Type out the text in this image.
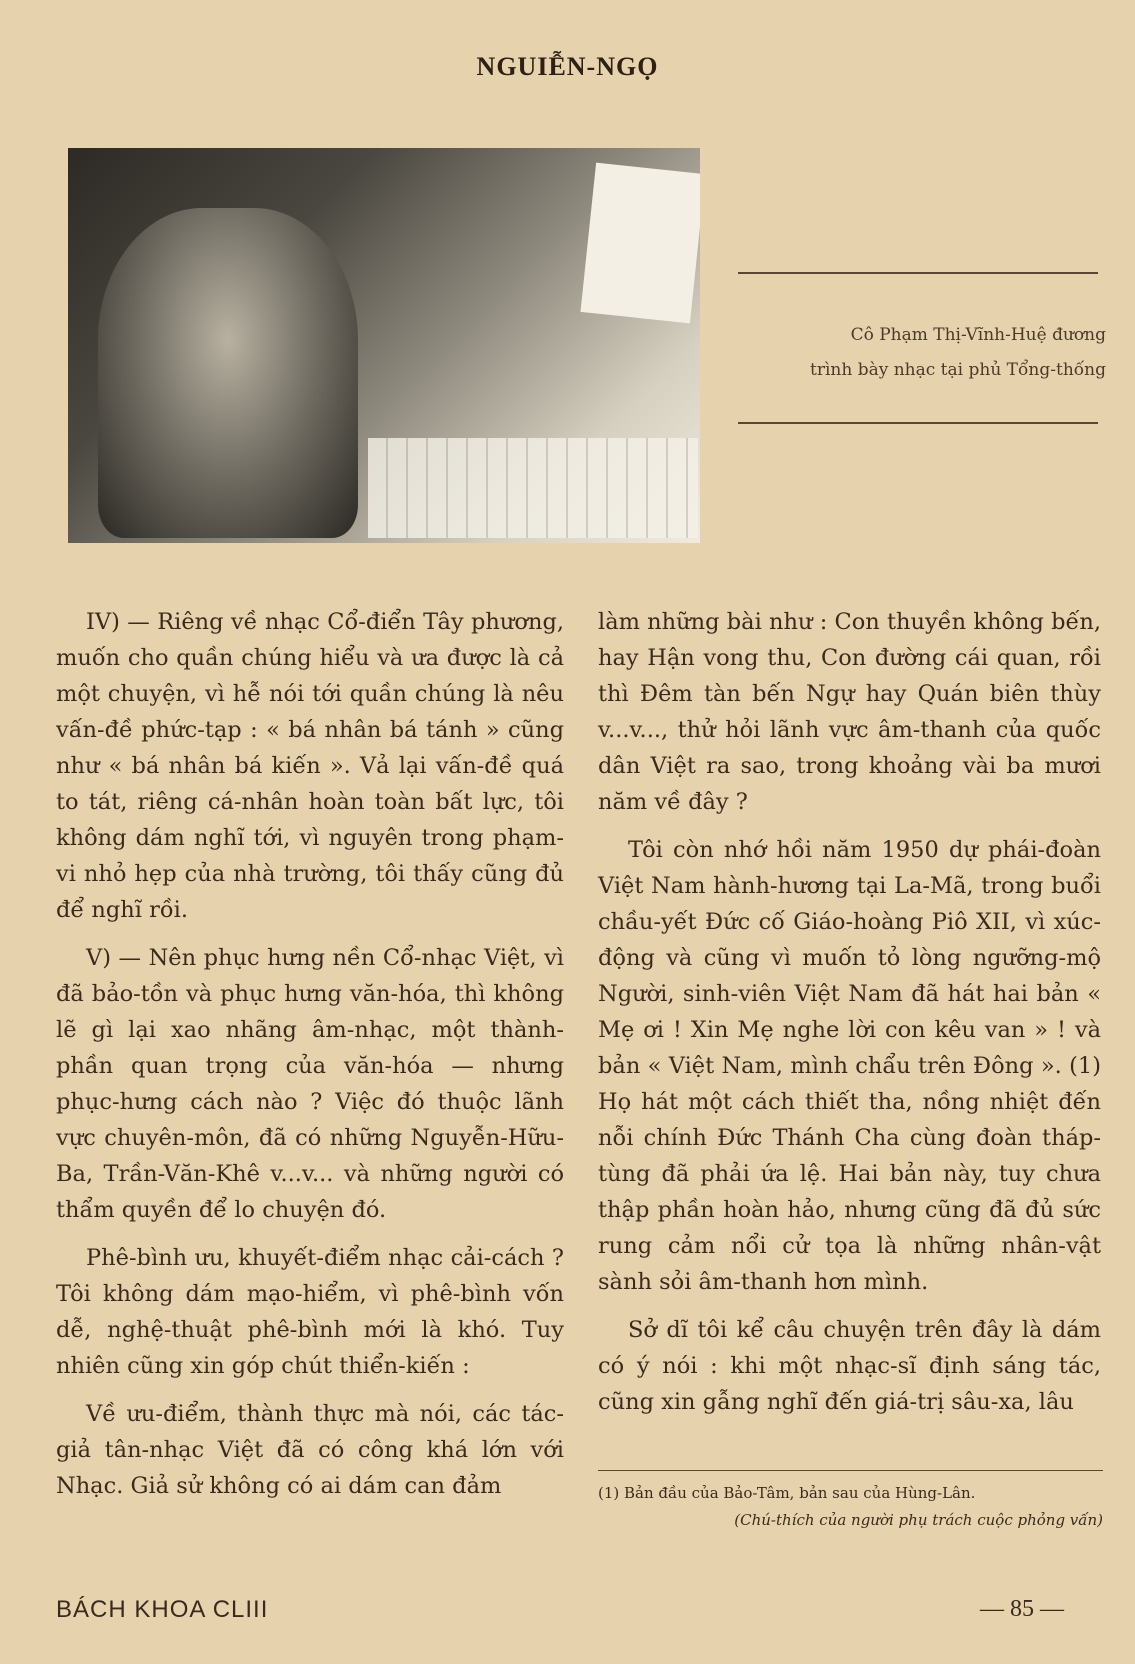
NGUIỄN-NGỌ
Cô Phạm Thị-Vĩnh-Huệ đương
trình bày nhạc tại phủ Tổng-thống

IV) — Riêng về nhạc Cổ-điển Tây phương, muốn cho quần chúng hiểu và ưa được là cả một chuyện, vì hễ nói tới quần chúng là nêu vấn-đề phức-tạp : « bá nhân bá tánh » cũng như « bá nhân bá kiến ». Vả lại vấn-đề quá to tát, riêng cá-nhân hoàn toàn bất lực, tôi không dám nghĩ tới, vì nguyên trong phạm-vi nhỏ hẹp của nhà trường, tôi thấy cũng đủ để nghĩ rồi.

V) — Nên phục hưng nền Cổ-nhạc Việt, vì đã bảo-tồn và phục hưng văn-hóa, thì không lẽ gì lại xao nhãng âm-nhạc, một thành-phần quan trọng của văn-hóa — nhưng phục-hưng cách nào ? Việc đó thuộc lãnh vực chuyên-môn, đã có những Nguyễn-Hữu-Ba, Trần-Văn-Khê v...v... và những người có thẩm quyền để lo chuyện đó.

Phê-bình ưu, khuyết-điểm nhạc cải-cách ? Tôi không dám mạo-hiểm, vì phê-bình vốn dễ, nghệ-thuật phê-bình mới là khó. Tuy nhiên cũng xin góp chút thiển-kiến :

Về ưu-điểm, thành thực mà nói, các tác-giả tân-nhạc Việt đã có công khá lớn với Nhạc. Giả sử không có ai dám can đảm

làm những bài như : Con thuyền không bến, hay Hận vong thu, Con đường cái quan, rồi thì Đêm tàn bến Ngự hay Quán biên thùy v...v..., thử hỏi lãnh vực âm-thanh của quốc dân Việt ra sao, trong khoảng vài ba mươi năm về đây ?

Tôi còn nhớ hồi năm 1950 dự phái-đoàn Việt Nam hành-hương tại La-Mã, trong buổi chầu-yết Đức cố Giáo-hoàng Piô XII, vì xúc-động và cũng vì muốn tỏ lòng ngưỡng-mộ Người, sinh-viên Việt Nam đã hát hai bản « Mẹ ơi ! Xin Mẹ nghe lời con kêu van » ! và bản « Việt Nam, mình chẩu trên Đông ». (1) Họ hát một cách thiết tha, nồng nhiệt đến nỗi chính Đức Thánh Cha cùng đoàn tháp-tùng đã phải ứa lệ. Hai bản này, tuy chưa thập phần hoàn hảo, nhưng cũng đã đủ sức rung cảm nổi cử tọa là những nhân-vật sành sỏi âm-thanh hơn mình.

Sở dĩ tôi kể câu chuyện trên đây là dám có ý nói : khi một nhạc-sĩ định sáng tác, cũng xin gẫng nghĩ đến giá-trị sâu-xa, lâu

(1) Bản đầu của Bảo-Tâm, bản sau của Hùng-Lân.
(Chú-thích của người phụ trách cuộc phỏng vấn)
BÁCH KHOA CLIII	— 85 —
